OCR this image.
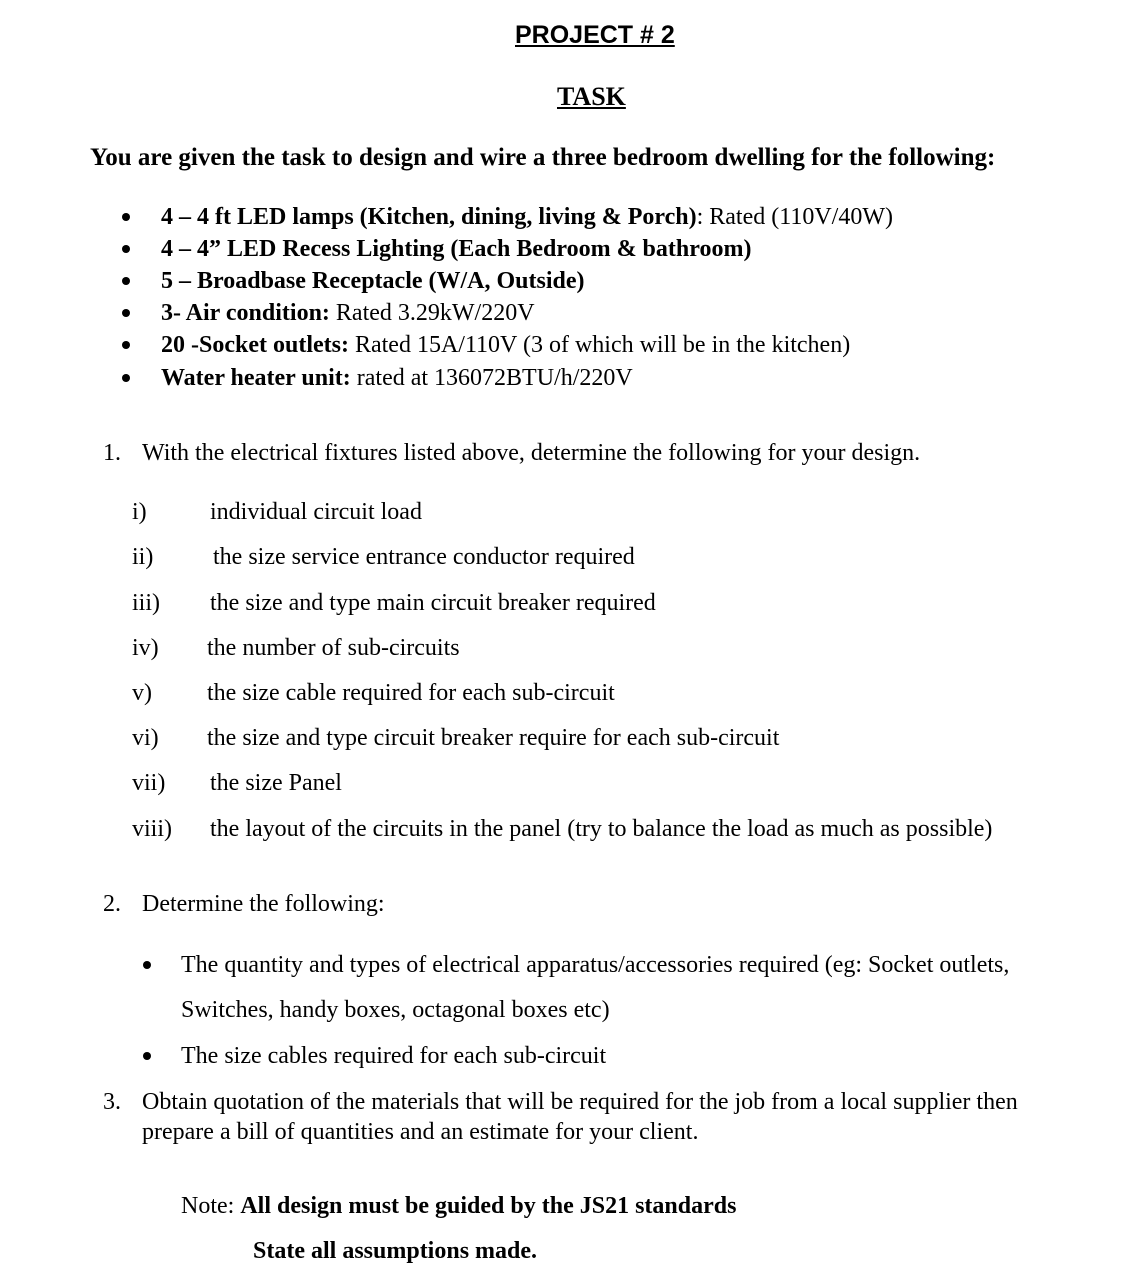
PROJECT # 2
TASK
You are given the task to design and wire a three bedroom dwelling for the following:
4 – 4 ft LED lamps (Kitchen, dining, living & Porch): Rated (110V/40W)
4 – 4” LED Recess Lighting (Each Bedroom & bathroom)
5 – Broadbase Receptacle (W/A, Outside)
3- Air condition: Rated 3.29kW/220V
20 -Socket outlets: Rated 15A/110V (3 of which will be in the kitchen)
Water heater unit: rated at 136072BTU/h/220V
1. With the electrical fixtures listed above, determine the following for your design.
i)	individual circuit load
ii) the size service entrance conductor required
iii) the size and type main circuit breaker required
iv) the number of sub-circuits
v) the size cable required for each sub-circuit
vi) the size and type circuit breaker require for each sub-circuit
vii) the size Panel
viii) the layout of the circuits in the panel (try to balance the load as much as possible)
2. Determine the following:
The quantity and types of electrical apparatus/accessories required (eg: Socket outlets,
Switches, handy boxes, octagonal boxes etc)
The size cables required for each sub-circuit
3. Obtain quotation of the materials that will be required for the job from a local supplier then
prepare a bill of quantities and an estimate for your client.
Note: All design must be guided by the JS21 standards
State all assumptions made.
